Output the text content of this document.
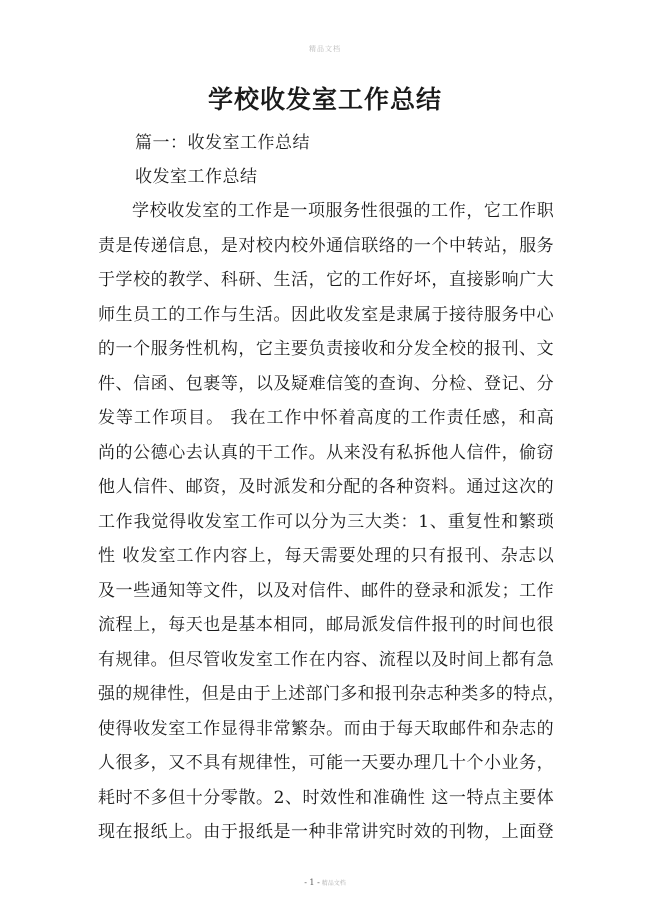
精品文档
学校收发室工作总结

篇一：收发室工作总结

收发室工作总结

学校收发室的工作是一项服务性很强的工作，它工作职
责是传递信息，是对校内校外通信联络的一个中转站，服务
于学校的教学、科研、生活，它的工作好坏，直接影响广大
师生员工的工作与生活。因此收发室是隶属于接待服务中心
的一个服务性机构，它主要负责接收和分发全校的报刊、文
件、信函、包裹等，以及疑难信笺的查询、分检、登记、分
发等工作项目。 我在工作中怀着高度的工作责任感，和高
尚的公德心去认真的干工作。从来没有私拆他人信件，偷窃
他人信件、邮资，及时派发和分配的各种资料。通过这次的
工作我觉得收发室工作可以分为三大类：1、重复性和繁琐
性 收发室工作内容上，每天需要处理的只有报刊、杂志以
及一些通知等文件，以及对信件、邮件的登录和派发；工作
流程上，每天也是基本相同，邮局派发信件报刊的时间也很
有规律。但尽管收发室工作在内容、流程以及时间上都有急
强的规律性，但是由于上述部门多和报刊杂志种类多的特点，
使得收发室工作显得非常繁杂。而由于每天取邮件和杂志的
人很多，又不具有规律性，可能一天要办理几十个小业务，
耗时不多但十分零散。2、时效性和准确性 这一特点主要体
现在报纸上。由于报纸是一种非常讲究时效的刊物，上面登
- 1 - 精品文档
